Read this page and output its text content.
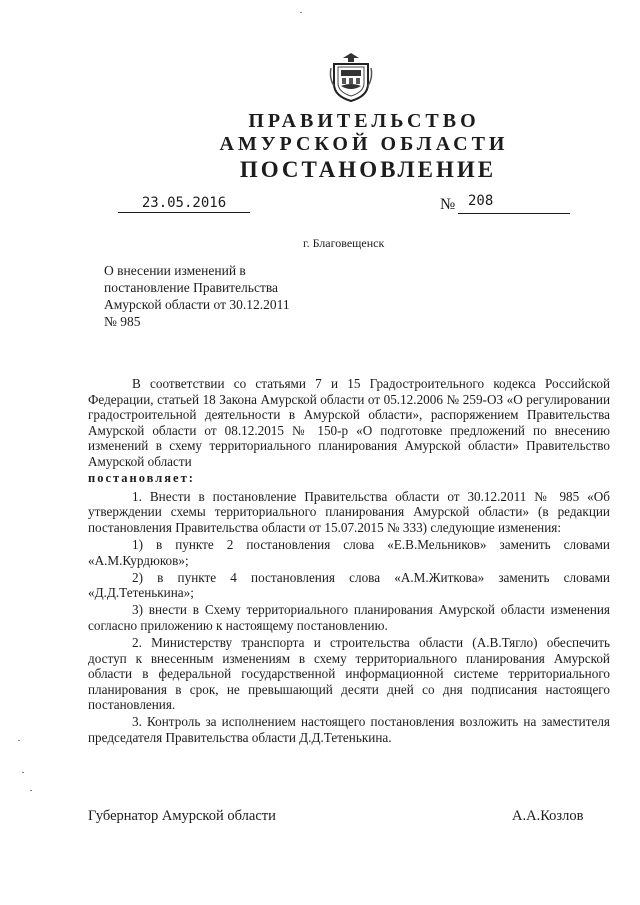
ПРАВИТЕЛЬСТВО
АМУРСКОЙ ОБЛАСТИ
ПОСТАНОВЛЕНИЕ
23.05.2016	№ 208
г. Благовещенск
О внесении изменений в
постановление Правительства
Амурской области от 30.12.2011
№ 985

В соответствии со статьями 7 и 15 Градостроительного кодекса Российской Федерации, статьей 18 Закона Амурской области от 05.12.2006 № 259-ОЗ «О регулировании градостроительной деятельности в Амурской области», распоряжением Правительства Амурской области от 08.12.2015 № 150-р «О подготовке предложений по внесению изменений в схему территориального планирования Амурской области» Правительство Амурской области

постановляет:

1. Внести в постановление Правительства области от 30.12.2011 № 985 «Об утверждении схемы территориального планирования Амурской области» (в редакции постановления Правительства области от 15.07.2015 № 333) следующие изменения:

1) в пункте 2 постановления слова «Е.В.Мельников» заменить словами «А.М.Курдюков»;

2) в пункте 4 постановления слова «А.М.Житкова» заменить словами «Д.Д.Тетенькина»;

3) внести в Схему территориального планирования Амурской области изменения согласно приложению к настоящему постановлению.

2. Министерству транспорта и строительства области (А.В.Тягло) обеспечить доступ к внесенным изменениям в схему территориального планирования Амурской области в федеральной государственной информационной системе территориального планирования в срок, не превышающий десяти дней со дня подписания настоящего постановления.

3. Контроль за исполнением настоящего постановления возложить на заместителя председателя Правительства области Д.Д.Тетенькина.

Губернатор Амурской области	А.А.Козлов
